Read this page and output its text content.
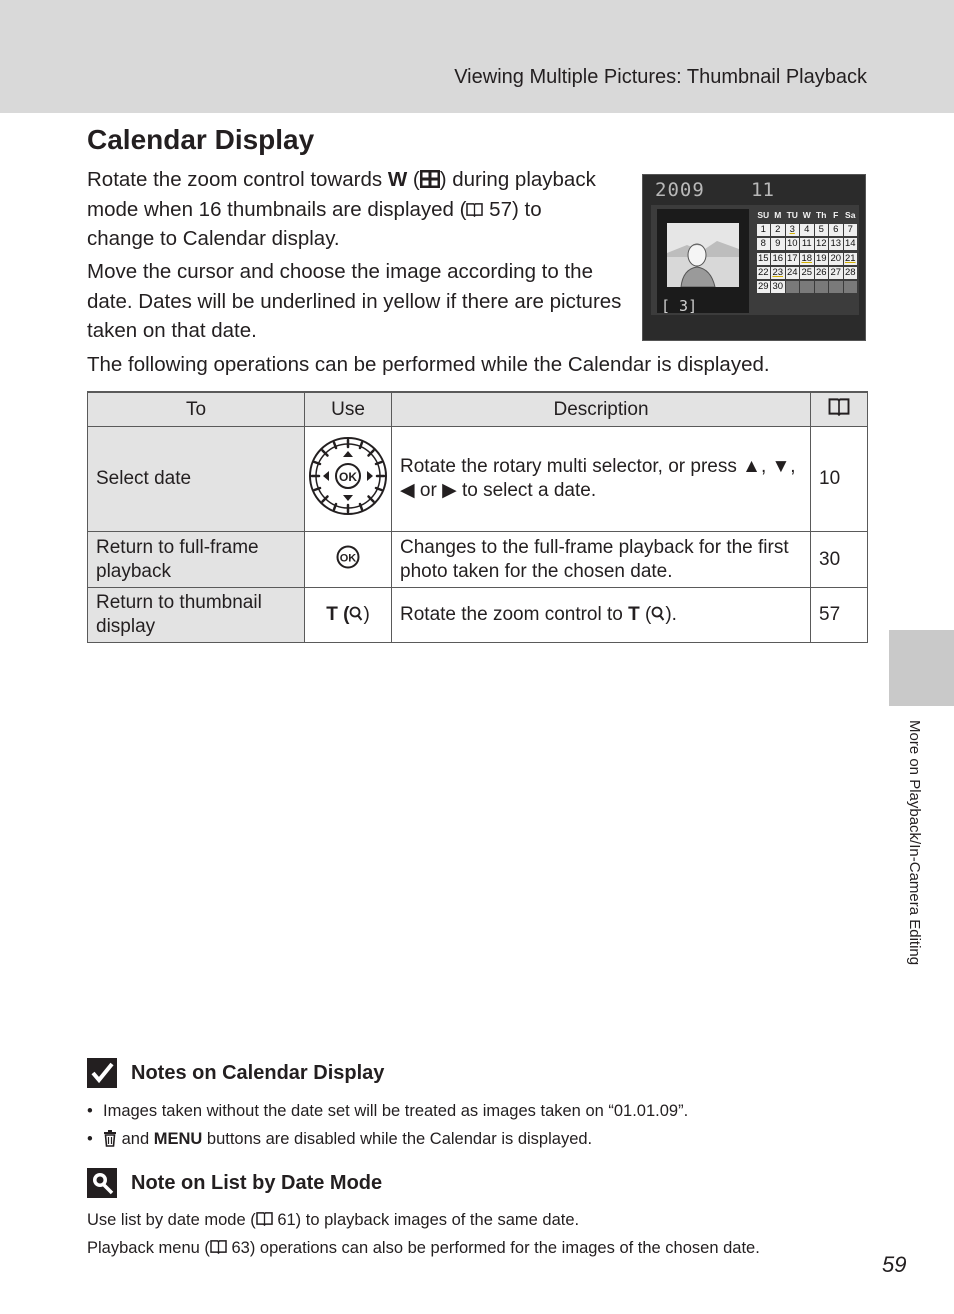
Viewing Multiple Pictures: Thumbnail Playback
Calendar Display
Rotate the zoom control towards W ( ) during playback mode when 16 thumbnails are displayed ( 57) to change to Calendar display.
Move the cursor and choose the image according to the date. Dates will be underlined in yellow if there are pictures taken on that date.
2009 11
[ 3]
SU M TU W Th F Sa
1 2 3 4 5 6 7
8 9 10 11 12 13 14
15 16 17 18 19 20 21
22 23 24 25 26 27 28
29 30
The following operations can be performed while the Calendar is displayed.
To	Use	Description	
Select date	OK	Rotate the rotary multi selector, or press ▲, ▼, ◀ or ▶ to select a date.	10
Return to full-frame playback	OK	Changes to the full-frame playback for the first photo taken for the chosen date.	30
Return to thumbnail display	T ( )	Rotate the zoom control to T ( ).	57
More on Playback/In-Camera Editing
Notes on Calendar Display
• Images taken without the date set will be treated as images taken on “01.01.09”.
• and MENU buttons are disabled while the Calendar is displayed.
Note on List by Date Mode
Use list by date mode ( 61) to playback images of the same date.
Playback menu ( 63) operations can also be performed for the images of the chosen date.
59
